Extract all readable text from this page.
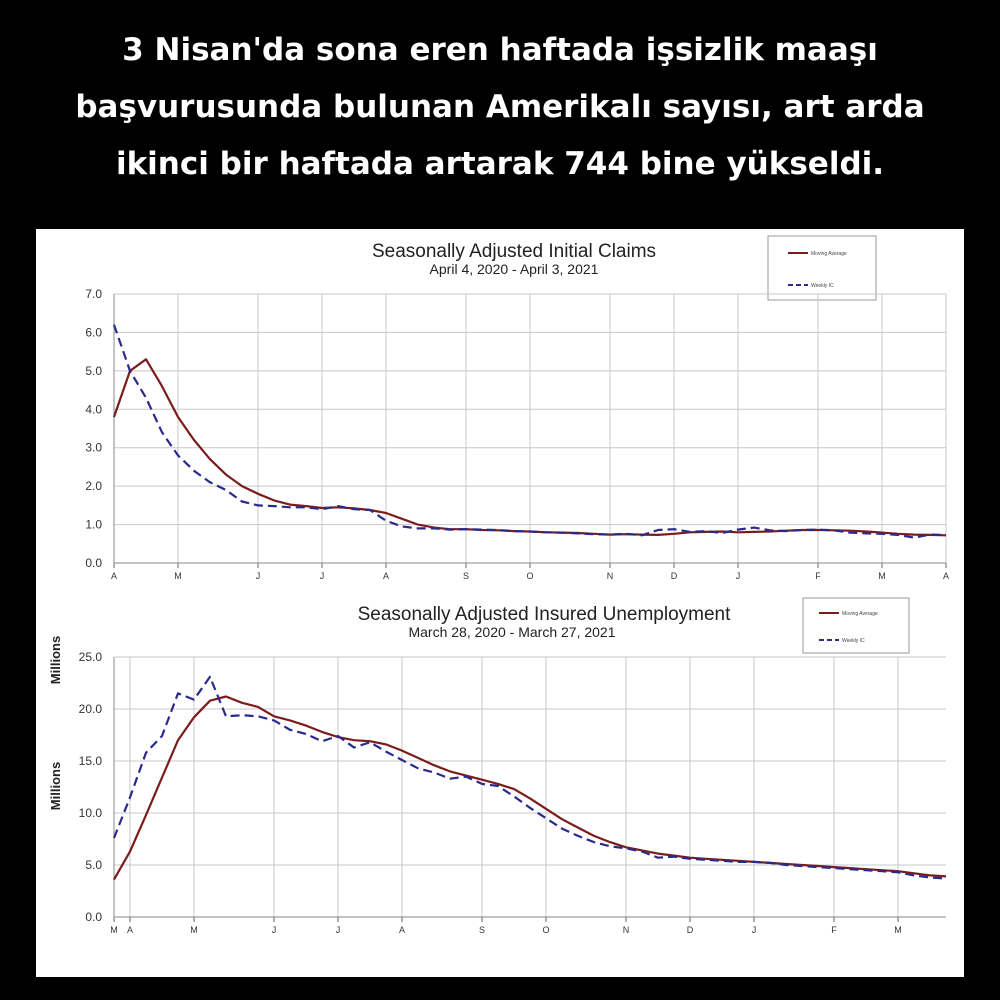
3 Nisan'da sona eren haftada işsizlik maaşı
başvurusunda bulunan Amerikalı sayısı, art arda
ikinci bir haftada artarak 744 bine yükseldi.
Seasonally Adjusted Initial Claims
April 4, 2020 - April 3, 2021
Millions
Moving Average
Weekly IC
0.0
1.0
2.0
3.0
4.0
5.0
6.0
7.0
A	M	J	J	A	S	O	N	D	J	F	M	A
Seasonally Adjusted Insured Unemployment
March 28, 2020 - March 27, 2021
Millions
Moving Average
Weekly IC
0.0
5.0
10.0
15.0
20.0
25.0
M A	M	J	J	A	S	O	N	D	J	F	M
